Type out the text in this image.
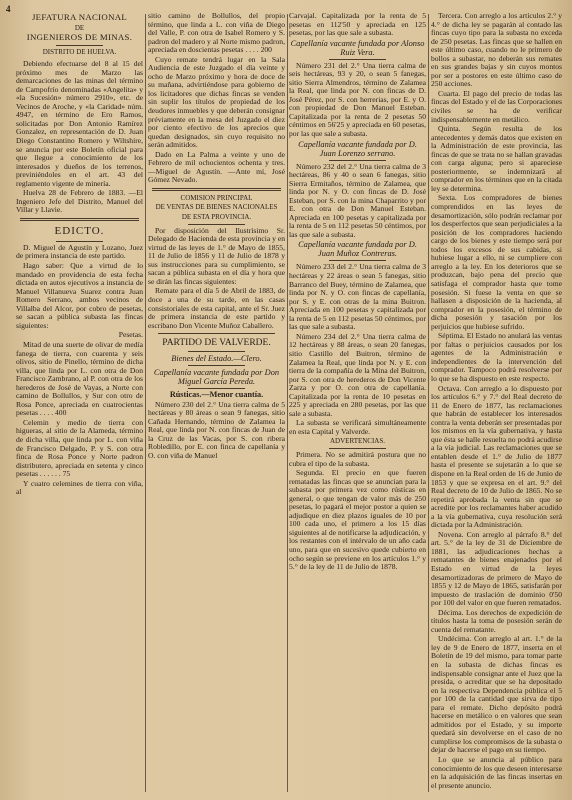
4

JEFATURA NACIONAL

DE

INGENIEROS DE MINAS.

DISTRITO DE HUELVA.

Debiendo efectuarse del 8 al 15 del próximo mes de Marzo las demarcaciones de las minas del término de Campofrío denominadas «Angelita» y «la Sucesión» número 2910», etc. de Vecinos de Aroche, y «la Caridad» núm. 4947, en término de Ero Ramos, solicitadas por Don Antonio Ramírez Gonzalez, en representación de D. Juan Diego Constantino Romero y Wiltshire, se anuncia por este Boletín oficial para que llegue a conocimiento de los interesados y dueños de los terrenos, previniéndoles en el art. 43 del reglamento vigente de minería.

Huelva 28 de Febrero de 1883. —El Ingeniero Jefe del Distrito, Manuel del Villar y Llavie.

EDICTO.

D. Miguel de Agustín y Lozano, Juez de primera instancia de este partido.

Hago saber: Que a virtud de lo mandado en providencia de esta fecha dictada en autos ejecutivos a instancia de Manuel Villanueva Suarez contra Juan Romero Serrano, ambos vecinos de Villalba del Alcor, por cobro de pesetas, se sacan a pública subasta las fincas siguientes:

Pesetas.

Mitad de una suerte de olivar de medía fanega de tierra, con cuarenta y seis olivos, sitio de Pinello, término de dicha villa, que linda por L. con otra de Don Francisco Zambrano, al P. con otra de los herederos de José de Vayas, a Norte con camino de Bollullos, y Sur con otro de Rosa Ponce, apreciada en cuatrocientas pesetas . . . . 400

Celemin y medio de tierra con higueras, al sitio de la Alameda, término de dicha villa, que linda por L. con viña de Francisco Delgado, P. y S. con otra finca de Rosa Ponce y Norte padron distributero, apreciada en setenta y cinco pesetas . . . . . . 75

Y cuatro celemines de tierra con viña, al

sitio camino de Bollullos, del propio término, que linda a L. con viña de Diego del Valle, P. con otra de Isabel Romero y S. padron del madero y al Norte mismo padron, apreciada en doscientas pesetas . . . . 200

Cuyo remate tendrá lugar en la Sala Audiencia de este Juzgado el día veinte y ocho de Marzo próximo y hora de doce de su mañana, advirtiéndose para gobierno de los licitadores que dichas fincas se venden sin suplir los títulos de propiedad de los deudores inmuebles y que deberán consignar préviamente en la mesa del Juzgado el diez por ciento efectivo de los aprecios que quedan designados, sin cuyo requisito no serán admitidos.

Dado en La Palma a veinte y uno de Febrero de mil ochocientos ochenta y tres. —Miguel de Agustín. —Ante mí, José Gómez Nevado.

COMISION PRINCIPAL

DE VENTAS DE BIENES NACIONALES

DE ESTA PROVINCIA.

Por disposición del Ilustrísimo Sr. Delegado de Hacienda de esta provincia y en virtud de las leyes de 1.° de Mayo de 1855, 11 de Julio de 1856 y 11 de Julio de 1878 y sus instrucciones para su cumplimiento, se sacan a pública subasta en el día y hora que se dirán las fincas siguientes:

Remate para el día 5 de Abril de 1883, de doce a una de su tarde, en las casas consistoriales de esta capital, ante el Sr. Juez de primera instancia de este partido y escribano Don Vicente Muñoz Caballero.

PARTIDO DE VALVERDE.

Bienes del Estado.—Clero.

Capellanía vacante fundada por Don Miguel García Pereda.

Rústicas.—Menor cuantía.

Número 230 del 2.° Una tierra calma de 5 hectáreas y 80 áreas o sean 9 fanegas, sitio Cañada Hernando, término de Zalamea la Real, que linda por N. con fincas de Juan de la Cruz de las Vacas, por S. con ribera Robledillo, por E. con finca de capellanía y O. con viña de Manuel

Carvajal. Capitalizada por la renta de 5 pesetas en 112'50 y apreciada en 125 pesetas, por las que sale a subasta.

Capellanía vacante fundada por Alonso Ruiz Vera.

Número 231 del 2.° Una tierra calma de seis hectáreas, 93 y 20, o sean 5 fanegas, sitio Sierra Almendros, término de Zalamea la Real, que linda por N. con fincas de D. José Pérez, por S. con herrerias, por E. y O. con propiedad de Don Manuel Esteban. Capitalizada por la renta de 2 pesetas 50 céntimos en 56'25 y apreciada en 60 pesetas, por las que sale a subasta.

Capellanía vacante fundada por D. Juan Lorenzo serrano.

Número 232 del 2.° Una tierra calma de 3 hectáreas, 86 y 40 o sean 6 fanegas, sitio Sierra Ermitaños, término de Zalamea, que linda por N. y O. con fincas de D. José Esteban, por S. con la mina Chaparrito y por E. con otra de Don Manuel Esteban. Apreciada en 100 pesetas y capitalizada por la renta de 5 en 112 pesetas 50 céntimos, por las que sale a subasta.

Capellanía vacante fundada por D. Juan Muñoz Contreras.

Número 233 del 2.° Una tierra calma de 3 hectáreas y 22 áreas o sean 5 fanegas, sitio Barranco del Buey, término de Zalamea, que linda por N. y O. con fincas de capellanía, por S. y E. con otras de la mina Buitron. Apreciada en 100 pesetas y capitalizada por la renta de 5 en 112 pesetas 50 céntimos, por las que sale a subasta.

Número 234 del 2.° Una tierra calma de 12 hectáreas y 88 áreas, o sean 20 fanegas, sitio Castillo del Buitron, término de Zalamea la Real, que linda por N. y E. con tierra de la compañía de la Mina del Buitron, por S. con otra de herederos de Don Vicente Zarza y por O. con otra de capellanía. Capitalizada por la renta de 10 pesetas en 225 y apreciada en 280 pesetas, por las que sale a subasta.

La subasta se verificará simultáneamente en esta Capital y Valverde.

ADVERTENCIAS.

Primera. No se admitirá postura que no cubra el tipo de la subasta.

Segunda. El precio en que fueren rematadas las fincas que se anuncian para la subasta por primera vez como rústicas en general, o que tengan de valor más de 250 pesetas, lo pagará el mejor postor a quien se adjudique en diez plazos iguales de 10 por 100 cada uno, el primero a los 15 días siguientes al de notificarse la adjudicación, y los restantes con el intérvalo de un año cada uno, para que en sucesivo quede cubierto en ocho según se previene en los artículos 1.° y 5.° de la ley de 11 de Julio de 1878.

Tercera. Con arreglo a los artículos 2.° y 4.° de dicha ley se pagarán al contado las fincas cuyo tipo para la subasta no exceda de 250 pesetas. Las fincas que se hallen en este último caso, cuando no le primero de bollos a subastar, no deberán sus remates en sus grandes bajas y sin cuyos montos por ser a postores en este último caso de 250 acciones.

Cuarta. El pago del precio de todas las fincas del Estado y el de las Corporaciones civiles se ha de verificar indispensablemente en metálico.

Quinta. Según resulta de los antecedentes y demás datos que existen en la Administración de este provincia, las fincas de que se trata no se hallan gravadas con carga alguna; pero si apareciese posteriormente, se indemnizará al comprador en los términos que en la citada ley se determina.

Sexta. Los compradores de bienes comprendidos en las leyes de desamortización, sólo podrán reclamar por los desperfectos que sean perjudiciales a la posición de los compradores haciendo cargo de los bienes y este tiempo será por todos los excesos de sus cabidas, si hubiese lugar a ello, ni se cumpliere con arreglo a la ley. En los deterioros que se produzcan, bajo pena del precio que satisfaga el comprador hasta que tome posesión. Si fuese la venta en que se hallasen a disposición de la hacienda, al comprador en la posesión, el término de dicha posesión y tasación por los perjuicios que hubiese sufrido.

Séptima. El Estado no anulará las ventas por faltas o perjuicios causados por los agentes de la Administración e independientes de la intervención del comprador. Tampoco podrá resolverse por lo que se ha dispuesto en este respecto.

Octava. Con arreglo a lo dispuesto por los artículos 6.° y 7.° del Real decreto de 11 de Enero de 1877, las reclamaciones que habrán de establecer los interesados contra la venta deberán ser presentadas por los mismos en la vía gubernativa, y hasta que ésta se halle resuelta no podrá acudirse a la vía judicial. Las reclamaciones que se entablen desde el 1.° de Julio de 1877 hasta el presente se sujetarán a lo que se dispone en la Real orden de 16 de Junio de 1853 y que se expresa en el art. 9.° del Real decreto de 10 de Julio de 1865. No se repetirá aprobada la venta sin que se acredite por los reclamantes haber acudido a la vía gubernativa, cuya resolución será dictada por la Administración.

Novena. Con arreglo al párrafo 8.° del art. 5.° de la ley de 31 de Diciembre de 1881, las adjudicaciones hechas a rematantes de bienes enajenados por el Estado en virtud de la leyes desamortizadoras de primero de Mayo de 1855 y 12 de Mayo de 1865, satisfarán por impuesto de traslación de dominio 0'50 por 100 del valor en que fueren rematados.

Décima. Los derechos de expedición de títulos hasta la toma de posesión serán de cuenta del rematante.

Undécima. Con arreglo al art. 1.° de la ley de 9 de Enero de 1877, inserta en el Boletín de 19 del mismo, para tomar parte en la subasta de dichas fincas es indispensable consignar ante el Juez que la presida, o acreditar que se ha depositado en la respectiva Dependencia pública el 5 por 100 de la cantidad que sirva de tipo para el remate. Dicho depósito podrá hacerse en metálico o en valores que sean admitidos por el Estado, y su importe quedará sin devolverse en el caso de no cumplirse los compromisos de la subasta o dejar de hacerse el pago en su tiempo.

Lo que se anuncia al público para conocimiento de los que deseen interesarse en la adquisición de las fincas insertas en el presente anuncio.
